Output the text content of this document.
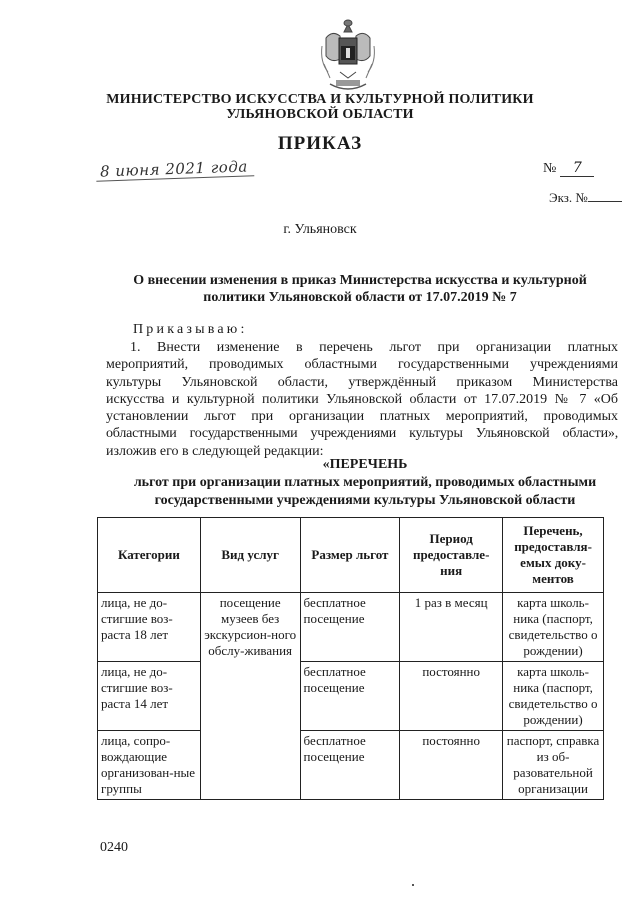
МИНИСТЕРСТВО ИСКУССТВА И КУЛЬТУРНОЙ ПОЛИТИКИ
УЛЬЯНОВСКОЙ ОБЛАСТИ
ПРИКАЗ
8 июня 2021 года	№ 7
Экз. №
г. Ульяновск
О внесении изменения в приказ Министерства искусства и культурной
политики Ульяновской области от 17.07.2019 № 7
Приказываю:
1. Внести изменение в перечень льгот при организации платных
мероприятий, проводимых областными государственными учреждениями
культуры Ульяновской области, утверждённый приказом Министерства
искусства и культурной политики Ульяновской области от 17.07.2019 № 7 «Об
установлении льгот при организации платных мероприятий, проводимых
областными государственными учреждениями культуры Ульяновской области»,
изложив его в следующей редакции:
«ПЕРЕЧЕНЬ
льгот при организации платных мероприятий, проводимых областными
государственными учреждениями культуры Ульяновской области
Категории	Вид услуг	Размер льгот	Период предоставле-ния	Перечень, предоставля-емых доку-ментов
лица, не до-стигшие воз-раста 18 лет	посещение музеев без экскурсион-ного обслу-живания	бесплатное посещение	1 раз в месяц	карта школь-ника (паспорт, свидетельство о рождении)
лица, не до-стигшие воз-раста 14 лет		бесплатное посещение	постоянно	карта школь-ника (паспорт, свидетельство о рождении)
лица, сопро-вождающие организован-ные группы		бесплатное посещение	постоянно	паспорт, справка из об-разовательной организации
0240
